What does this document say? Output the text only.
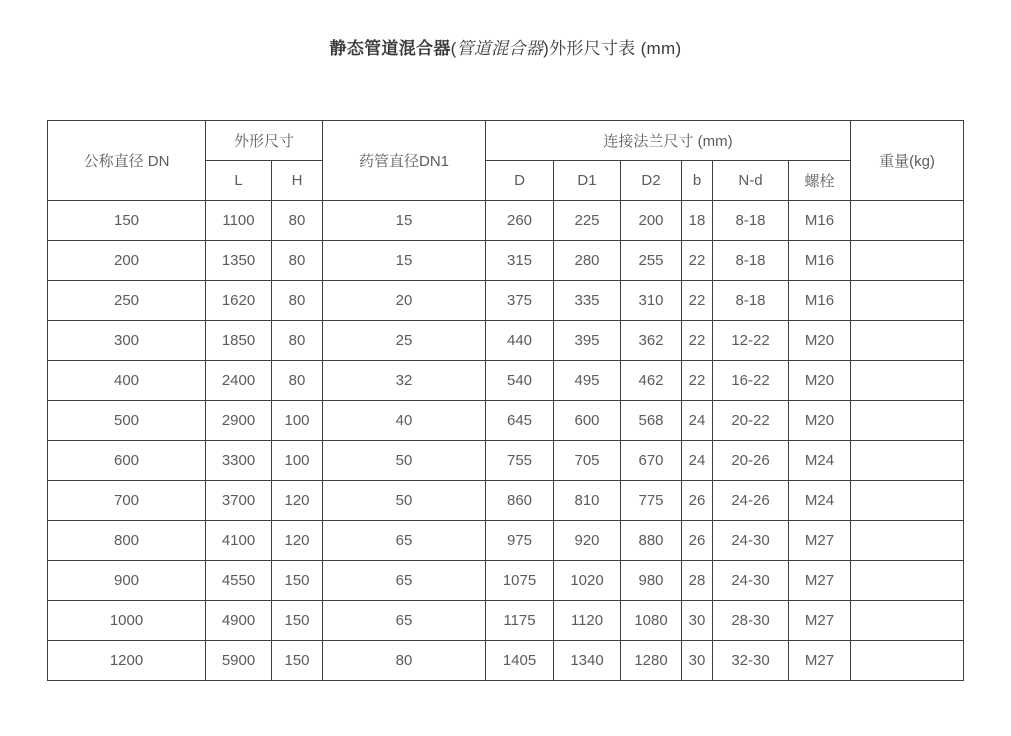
静态管道混合器(管道混合器)外形尺寸表 (mm)
公称直径 DN	外形尺寸		药管直径DN1	连接法兰尺寸 (mm)						重量(kg)
	L	H		D	D1	D2	b	N-d	螺栓	
150	1100	80	15	260	225	200	18	8-18	M16	
200	1350	80	15	315	280	255	22	8-18	M16	
250	1620	80	20	375	335	310	22	8-18	M16	
300	1850	80	25	440	395	362	22	12-22	M20	
400	2400	80	32	540	495	462	22	16-22	M20	
500	2900	100	40	645	600	568	24	20-22	M20	
600	3300	100	50	755	705	670	24	20-26	M24	
700	3700	120	50	860	810	775	26	24-26	M24	
800	4100	120	65	975	920	880	26	24-30	M27	
900	4550	150	65	1075	1020	980	28	24-30	M27	
1000	4900	150	65	1175	1120	1080	30	28-30	M27	
1200	5900	150	80	1405	1340	1280	30	32-30	M27	
